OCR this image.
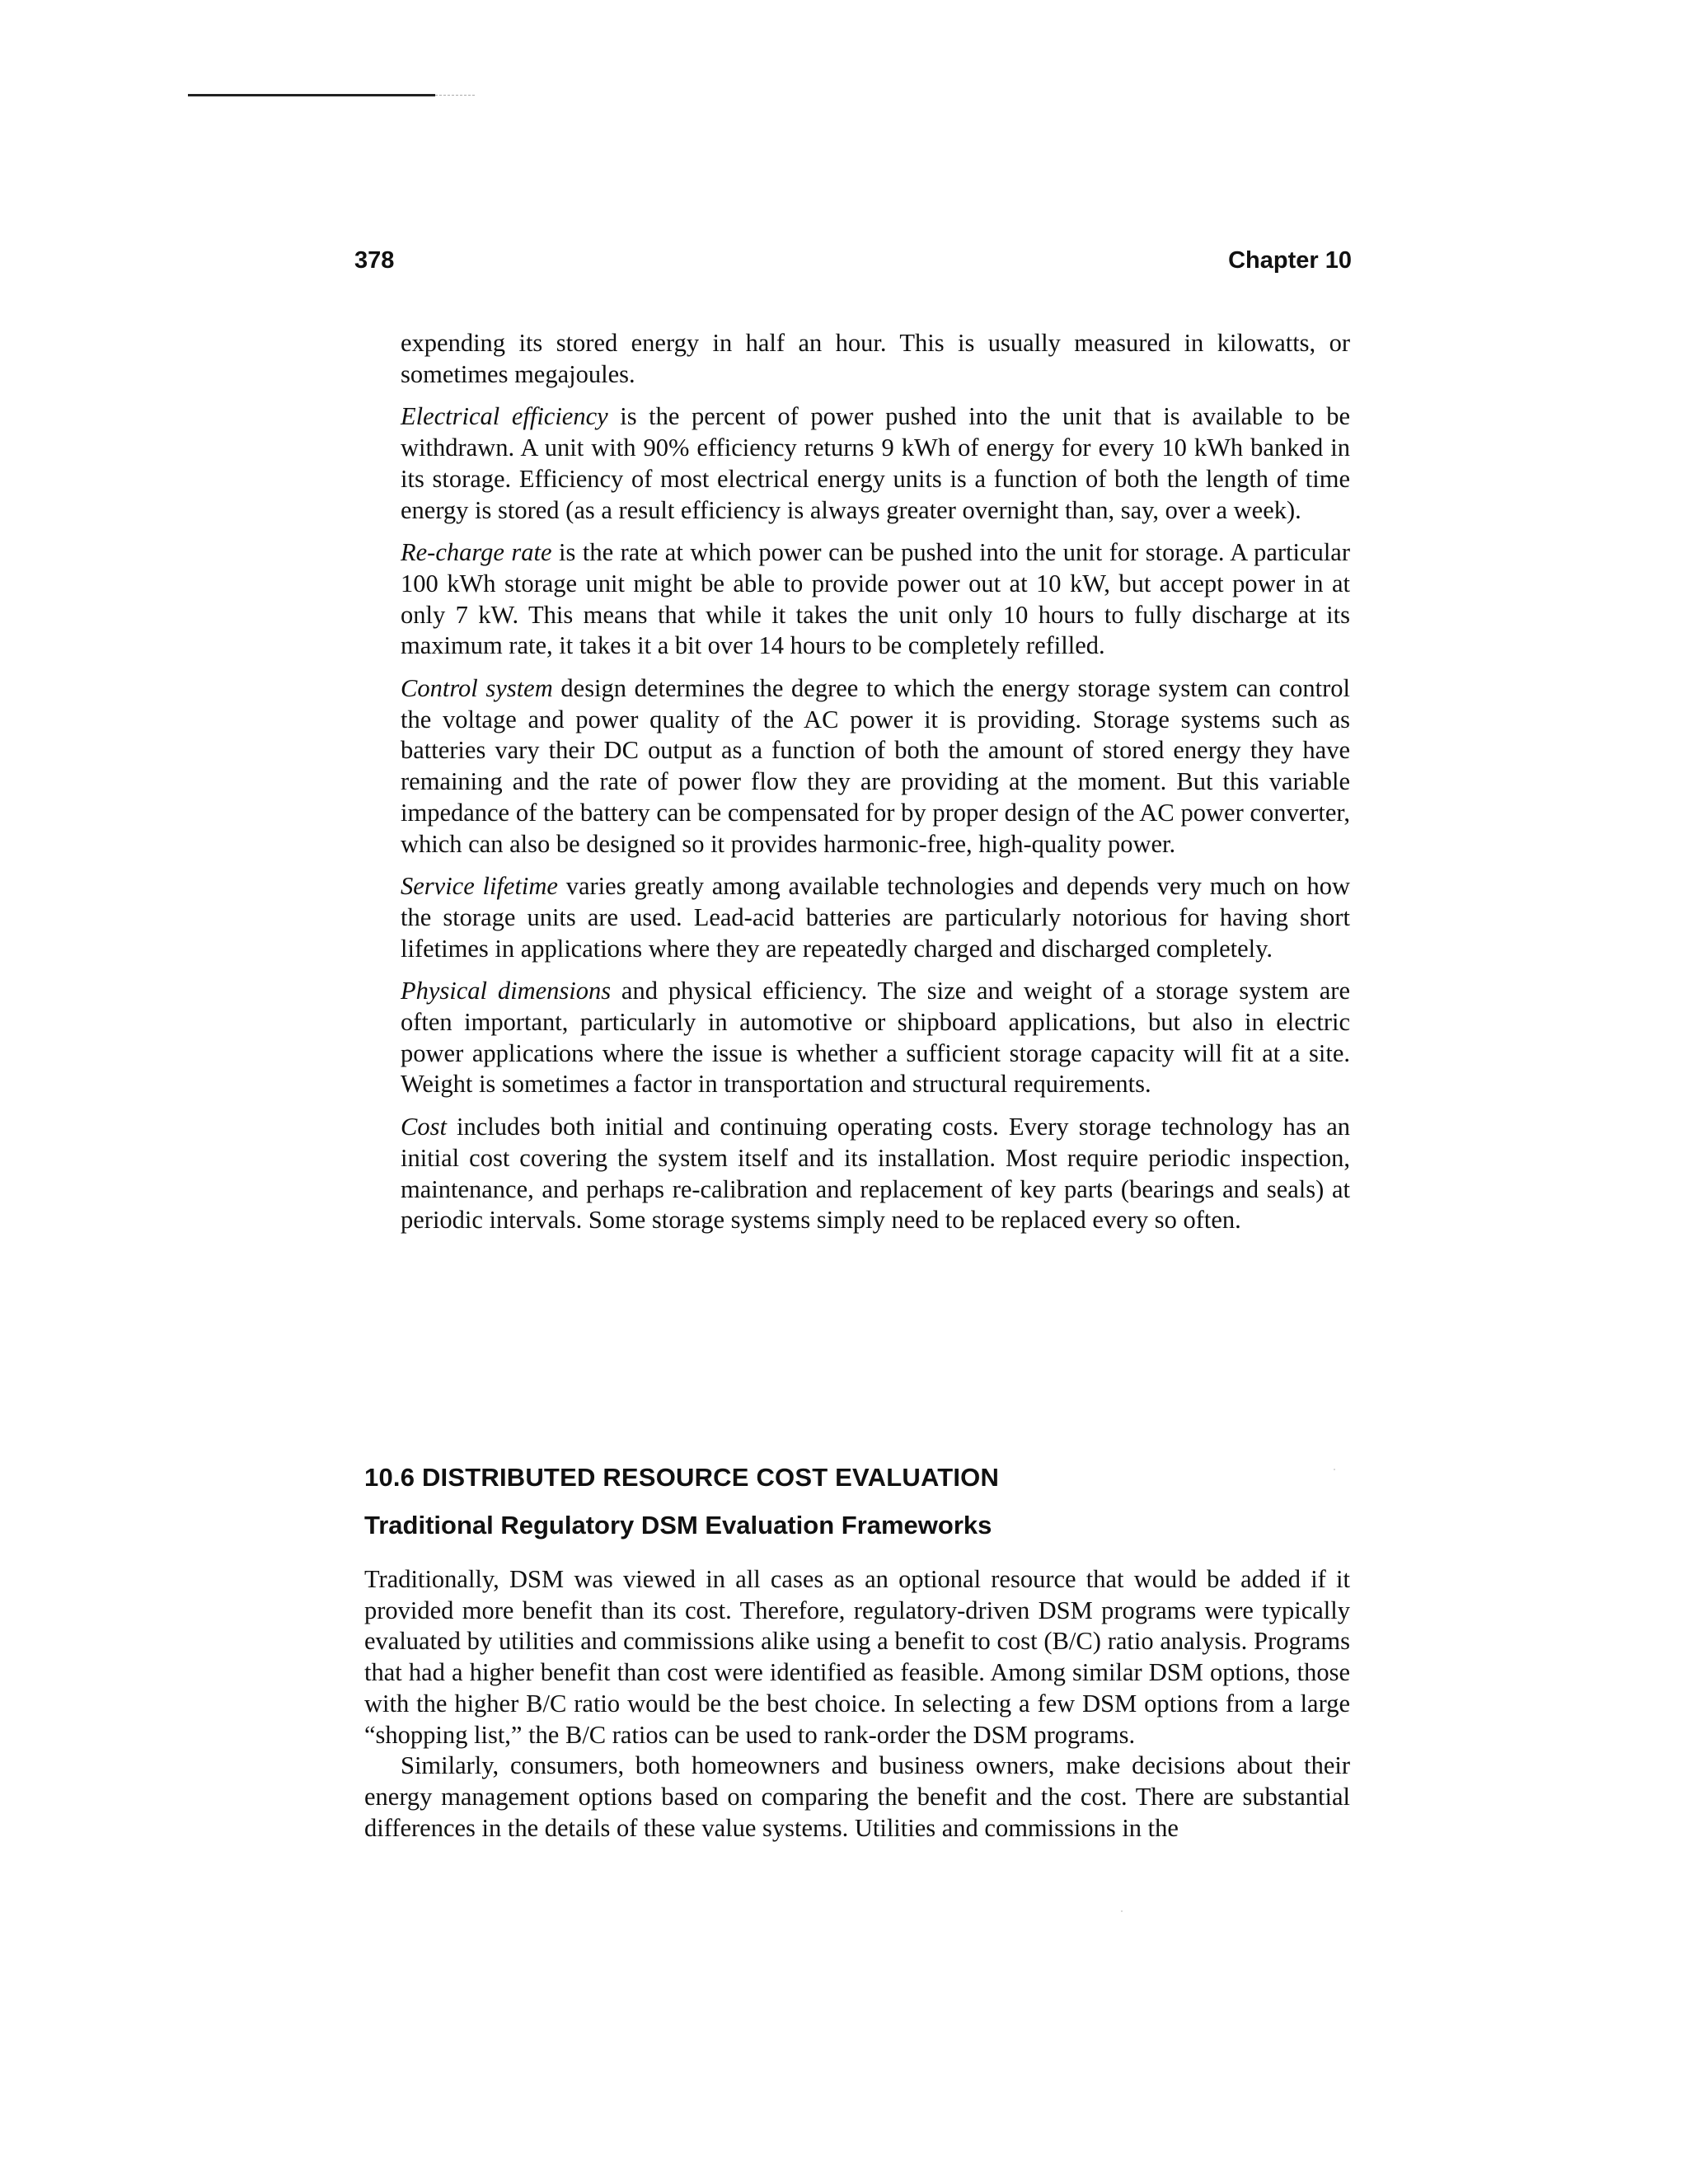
378	Chapter 10

expending its stored energy in half an hour. This is usually measured in kilowatts, or sometimes megajoules.

Electrical efficiency is the percent of power pushed into the unit that is available to be withdrawn. A unit with 90% efficiency returns 9 kWh of energy for every 10 kWh banked in its storage. Efficiency of most electrical energy units is a function of both the length of time energy is stored (as a result efficiency is always greater overnight than, say, over a week).

Re-charge rate is the rate at which power can be pushed into the unit for storage. A particular 100 kWh storage unit might be able to provide power out at 10 kW, but accept power in at only 7 kW. This means that while it takes the unit only 10 hours to fully discharge at its maximum rate, it takes it a bit over 14 hours to be completely refilled.

Control system design determines the degree to which the energy storage system can control the voltage and power quality of the AC power it is providing. Storage systems such as batteries vary their DC output as a function of both the amount of stored energy they have remaining and the rate of power flow they are providing at the moment. But this variable impedance of the battery can be compensated for by proper design of the AC power converter, which can also be designed so it provides harmonic-free, high-quality power.

Service lifetime varies greatly among available technologies and depends very much on how the storage units are used. Lead-acid batteries are particularly notorious for having short lifetimes in applications where they are repeatedly charged and discharged completely.

Physical dimensions and physical efficiency. The size and weight of a storage system are often important, particularly in automotive or shipboard applications, but also in electric power applications where the issue is whether a sufficient storage capacity will fit at a site. Weight is sometimes a factor in transportation and structural requirements.

Cost includes both initial and continuing operating costs. Every storage technology has an initial cost covering the system itself and its installation. Most require periodic inspection, maintenance, and perhaps re-calibration and replacement of key parts (bearings and seals) at periodic intervals. Some storage systems simply need to be replaced every so often.

10.6 DISTRIBUTED RESOURCE COST EVALUATION
Traditional Regulatory DSM Evaluation Frameworks

Traditionally, DSM was viewed in all cases as an optional resource that would be added if it provided more benefit than its cost. Therefore, regulatory-driven DSM programs were typically evaluated by utilities and commissions alike using a benefit to cost (B/C) ratio analysis. Programs that had a higher benefit than cost were identified as feasible. Among similar DSM options, those with the higher B/C ratio would be the best choice. In selecting a few DSM options from a large “shopping list,” the B/C ratios can be used to rank-order the DSM programs.

Similarly, consumers, both homeowners and business owners, make decisions about their energy management options based on comparing the benefit and the cost. There are substantial differences in the details of these value systems. Utilities and commissions in the
